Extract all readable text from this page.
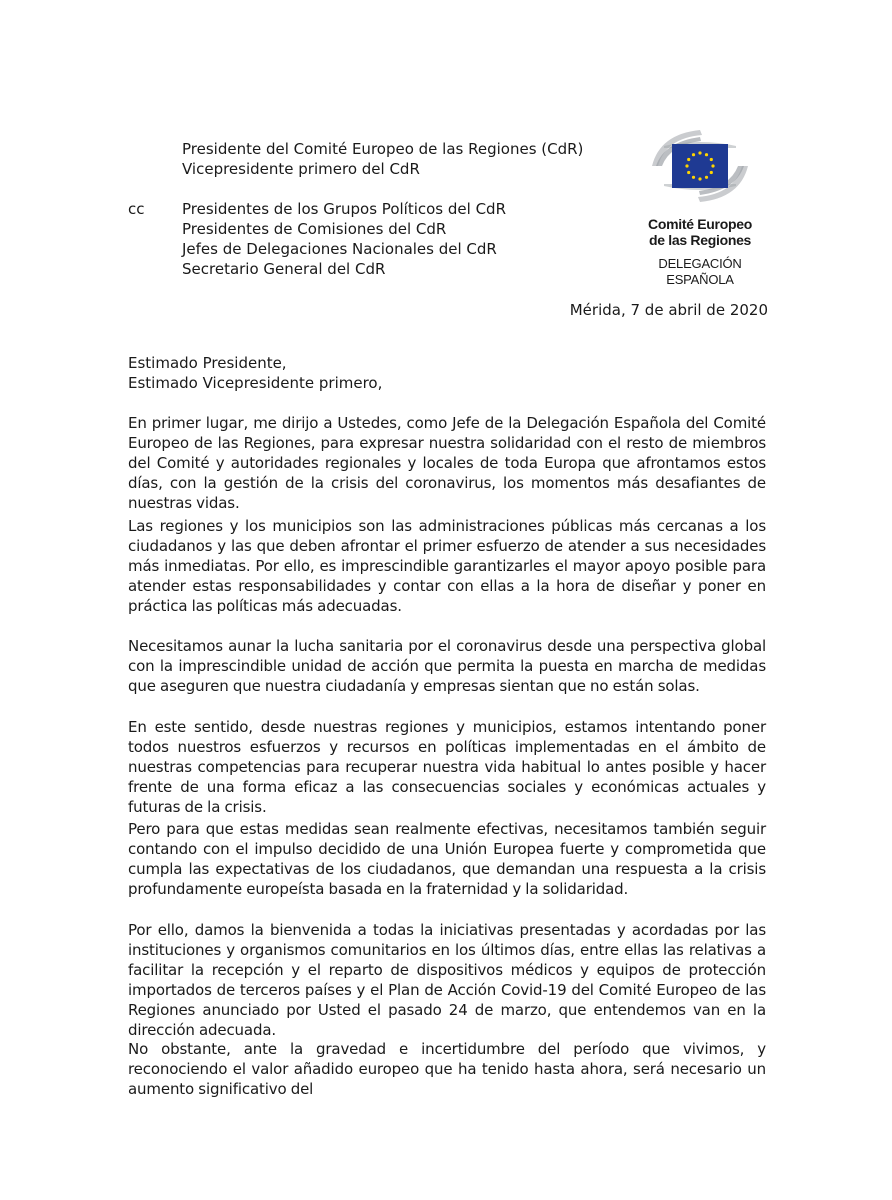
Presidente del Comité Europeo de las Regiones (CdR)
Vicepresidente primero del CdR
cc	Presidentes de los Grupos Políticos del CdR
Presidentes de Comisiones del CdR
Jefes de Delegaciones Nacionales del CdR
Secretario General del CdR
Comité Europeo
de las Regiones
DELEGACIÓN ESPAÑOLA
Mérida, 7 de abril de 2020
Estimado Presidente,
Estimado Vicepresidente primero,

En primer lugar, me dirijo a Ustedes, como Jefe de la Delegación Española del Comité Europeo de las Regiones, para expresar nuestra solidaridad con el resto de miembros del Comité y autoridades regionales y locales de toda Europa que afrontamos estos días, con la gestión de la crisis del coronavirus, los momentos más desafiantes de nuestras vidas.

Las regiones y los municipios son las administraciones públicas más cercanas a los ciudadanos y las que deben afrontar el primer esfuerzo de atender a sus necesidades más inmediatas. Por ello, es imprescindible garantizarles el mayor apoyo posible para atender estas responsabilidades y contar con ellas a la hora de diseñar y poner en práctica las políticas más adecuadas.

Necesitamos aunar la lucha sanitaria por el coronavirus desde una perspectiva global con la imprescindible unidad de acción que permita la puesta en marcha de medidas que aseguren que nuestra ciudadanía y empresas sientan que no están solas.

En este sentido, desde nuestras regiones y municipios, estamos intentando poner todos nuestros esfuerzos y recursos en políticas implementadas en el ámbito de nuestras competencias para recuperar nuestra vida habitual lo antes posible y hacer frente de una forma eficaz a las consecuencias sociales y económicas actuales y futuras de la crisis.

Pero para que estas medidas sean realmente efectivas, necesitamos también seguir contando con el impulso decidido de una Unión Europea fuerte y comprometida que cumpla las expectativas de los ciudadanos, que demandan una respuesta a la crisis profundamente europeísta basada en la fraternidad y la solidaridad.

Por ello, damos la bienvenida a todas la iniciativas presentadas y acordadas por las instituciones y organismos comunitarios en los últimos días, entre ellas las relativas a facilitar la recepción y el reparto de dispositivos médicos y equipos de protección importados de terceros países y el Plan de Acción Covid-19 del Comité Europeo de las Regiones anunciado por Usted el pasado 24 de marzo, que entendemos van en la dirección adecuada.

No obstante, ante la gravedad e incertidumbre del período que vivimos, y reconociendo el valor añadido europeo que ha tenido hasta ahora, será necesario un aumento significativo del
